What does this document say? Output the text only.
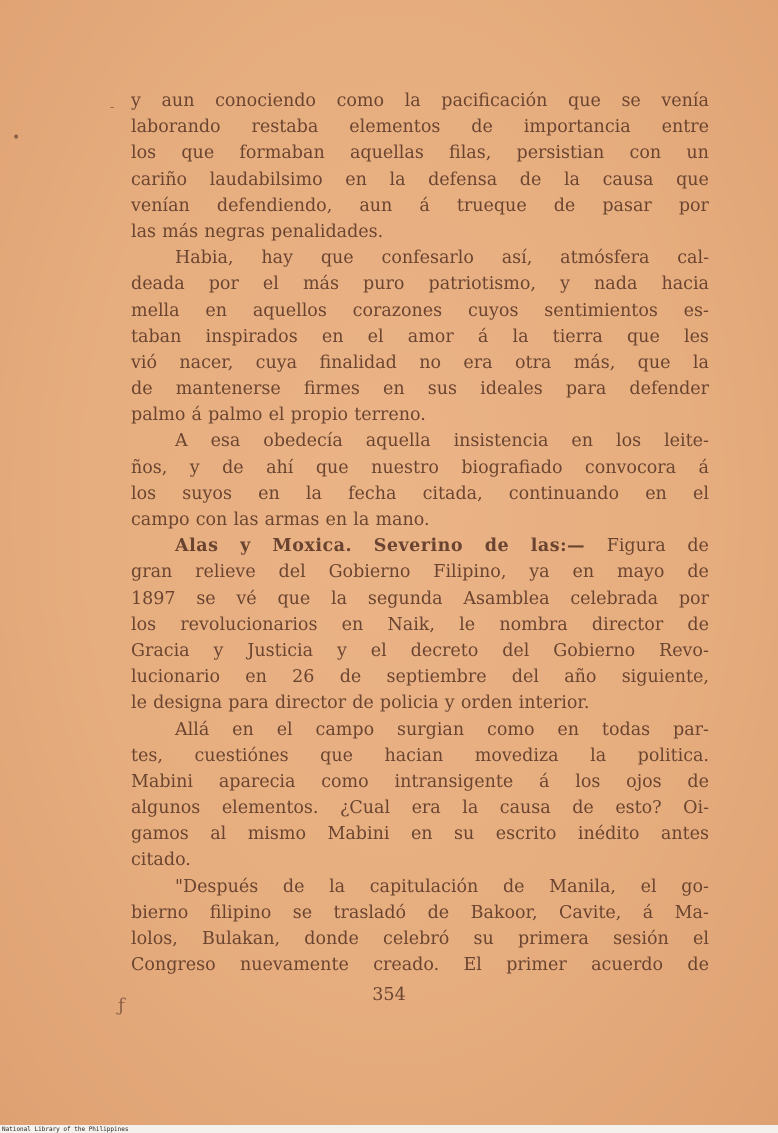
y aun conociendo como la pacificación que se venía
laborando restaba elementos de importancia entre
los que formaban aquellas filas, persistian con un
cariño laudabilsimo en la defensa de la causa que
venían defendiendo, aun á trueque de pasar por
las más negras penalidades.
Habia, hay que confesarlo así, atmósfera cal-
deada por el más puro patriotismo, y nada hacia
mella en aquellos corazones cuyos sentimientos es-
taban inspirados en el amor á la tierra que les
vió nacer, cuya finalidad no era otra más, que la
de mantenerse firmes en sus ideales para defender
palmo á palmo el propio terreno.
A esa obedecía aquella insistencia en los leite-
ños, y de ahí que nuestro biografiado convocora á
los suyos en la fecha citada, continuando en el
campo con las armas en la mano.
Alas y Moxica. Severino de las:— Figura de
gran relieve del Gobierno Filipino, ya en mayo de
1897 se vé que la segunda Asamblea celebrada por
los revolucionarios en Naik, le nombra director de
Gracia y Justicia y el decreto del Gobierno Revo-
lucionario en 26 de septiembre del año siguiente,
le designa para director de policia y orden interior.
Allá en el campo surgian como en todas par-
tes, cuestiónes que hacian movediza la politica.
Mabini aparecia como intransigente á los ojos de
algunos elementos. ¿Cual era la causa de esto? Oi-
gamos al mismo Mabini en su escrito inédito antes
citado.
"Después de la capitulación de Manila, el go-
bierno filipino se trasladó de Bakoor, Cavite, á Ma-
lolos, Bulakan, donde celebró su primera sesión el
Congreso nuevamente creado. El primer acuerdo de
354
-
•
ƒ
National Library of the Philippines
